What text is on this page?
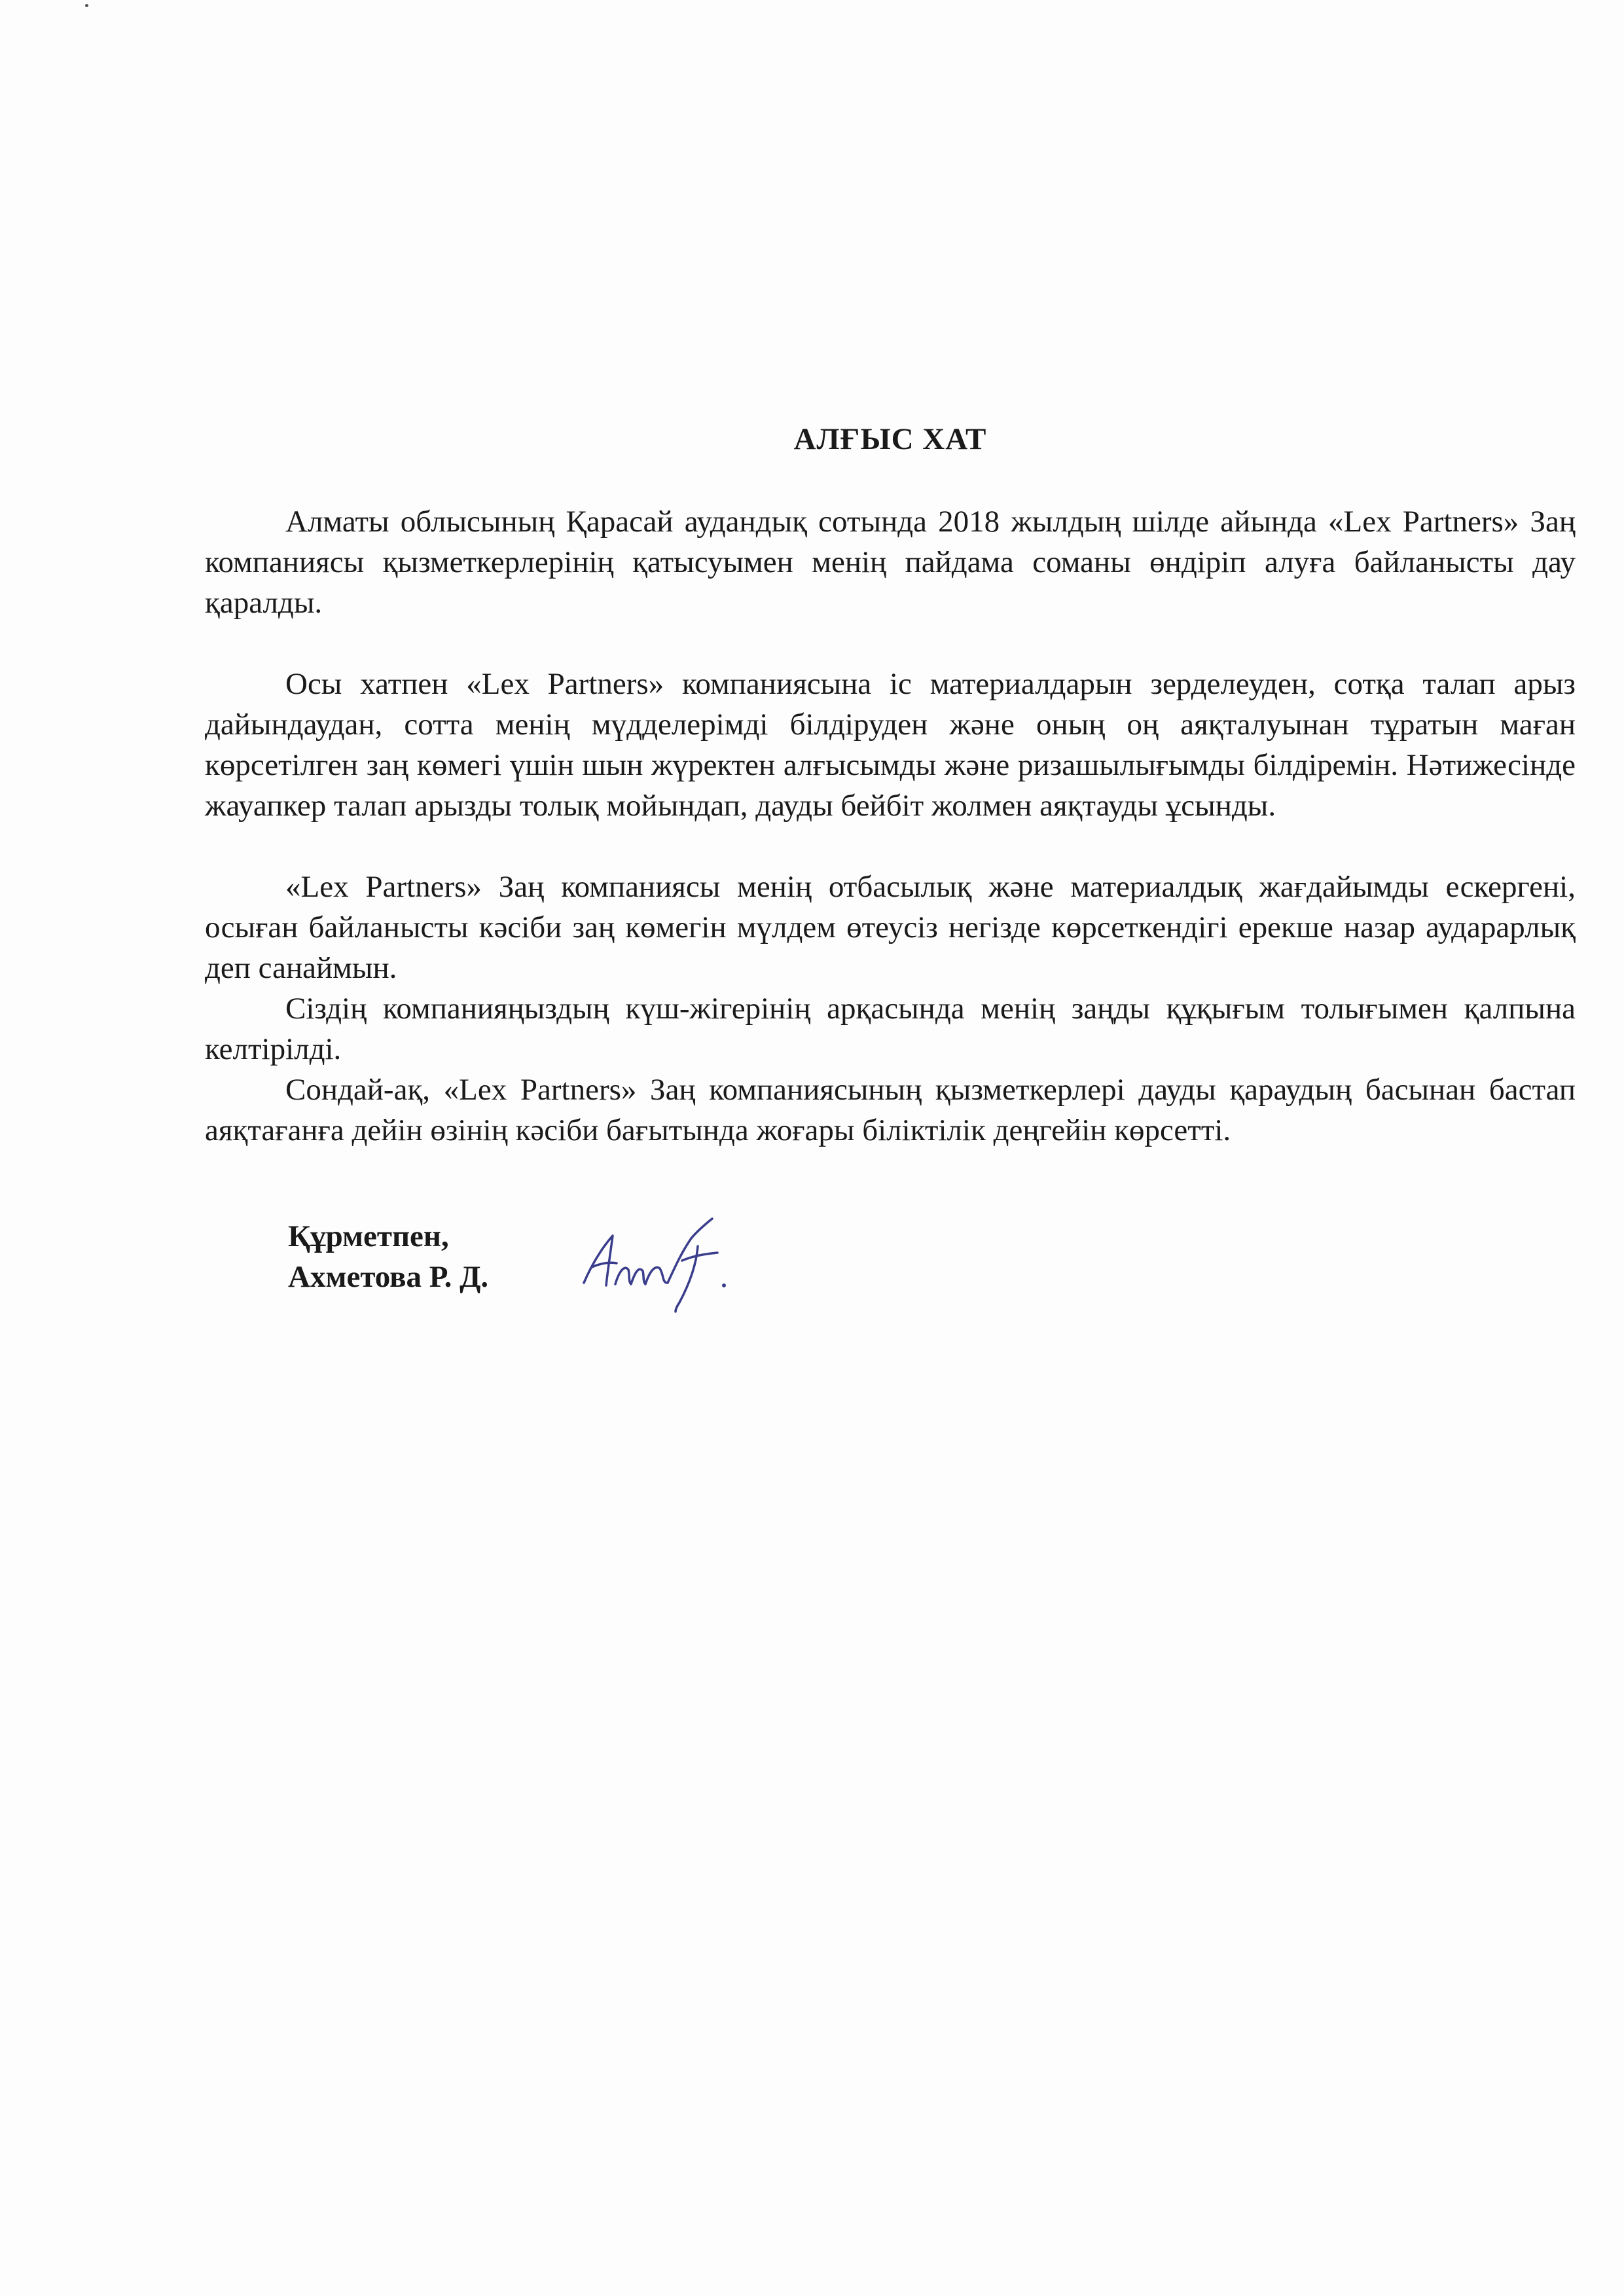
АЛҒЫС ХАТ

Алматы облысының Қарасай аудандық сотында 2018 жылдың шілде айында «Lex Partners» Заң компаниясы қызметкерлерінің қатысуымен менің пайдама соманы өндіріп алуға байланысты дау қаралды.

Осы хатпен «Lex Partners» компаниясына іс материалдарын зерделеуден, сотқа талап арыз дайындаудан, сотта менің мүдделерімді білдіруден және оның оң аяқталуынан тұратын маған көрсетілген заң көмегі үшін шын жүректен алғысымды және ризашылығымды білдіремін. Нәтижесінде жауапкер талап арызды толық мойындап, дауды бейбіт жолмен аяқтауды ұсынды.

«Lex Partners» Заң компаниясы менің отбасылық және материалдық жағдайымды ескергені, осыған байланысты кәсіби заң көмегін мүлдем өтеусіз негізде көрсеткендігі ерекше назар аударарлық деп санаймын.

Сіздің компанияңыздың күш-жігерінің арқасында менің заңды құқығым толығымен қалпына келтірілді.

Сондай-ақ, «Lex Partners» Заң компаниясының қызметкерлері дауды қараудың басынан бастап аяқтағанға дейін өзінің кәсіби бағытында жоғары біліктілік деңгейін көрсетті.

Құрметпен,
Ахметова Р. Д.
